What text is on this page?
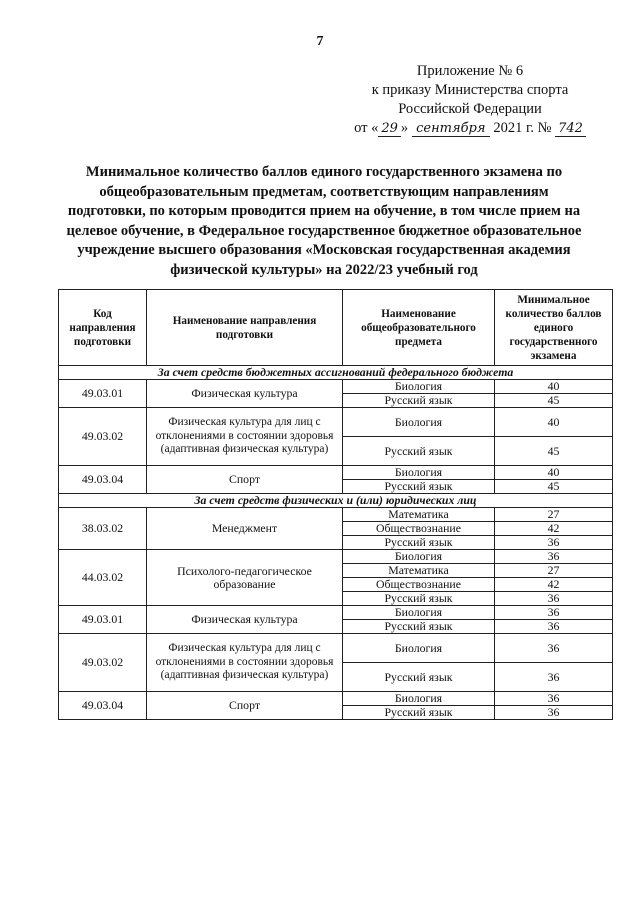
7
Приложение № 6
к приказу Министерства спорта
Российской Федерации
от « 29 » сентября 2021 г. № 742
Минимальное количество баллов единого государственного экзамена по общеобразовательным предметам, соответствующим направлениям подготовки, по которым проводится прием на обучение, в том числе прием на целевое обучение, в Федеральное государственное бюджетное образовательное учреждение высшего образования «Московская государственная академия физической культуры» на 2022/23 учебный год
Код направления подготовки	Наименование направления подготовки	Наименование общеобразовательного предмета	Минимальное количество баллов единого государственного экзамена
За счет средств бюджетных ассигнований федерального бюджета			
49.03.01	Физическая культура	Биология	40
		Русский язык	45
49.03.02	Физическая культура для лиц с отклонениями в состоянии здоровья (адаптивная физическая культура)	Биология	40
		Русский язык	45
49.03.04	Спорт	Биология	40
		Русский язык	45
За счет средств физических и (или) юридических лиц			
38.03.02	Менеджмент	Математика	27
		Обществознание	42
		Русский язык	36
44.03.02	Психолого-педагогическое образование	Биология	36
		Математика	27
		Обществознание	42
		Русский язык	36
49.03.01	Физическая культура	Биология	36
		Русский язык	36
49.03.02	Физическая культура для лиц с отклонениями в состоянии здоровья (адаптивная физическая культура)	Биология	36
		Русский язык	36
49.03.04	Спорт	Биология	36
		Русский язык	36
